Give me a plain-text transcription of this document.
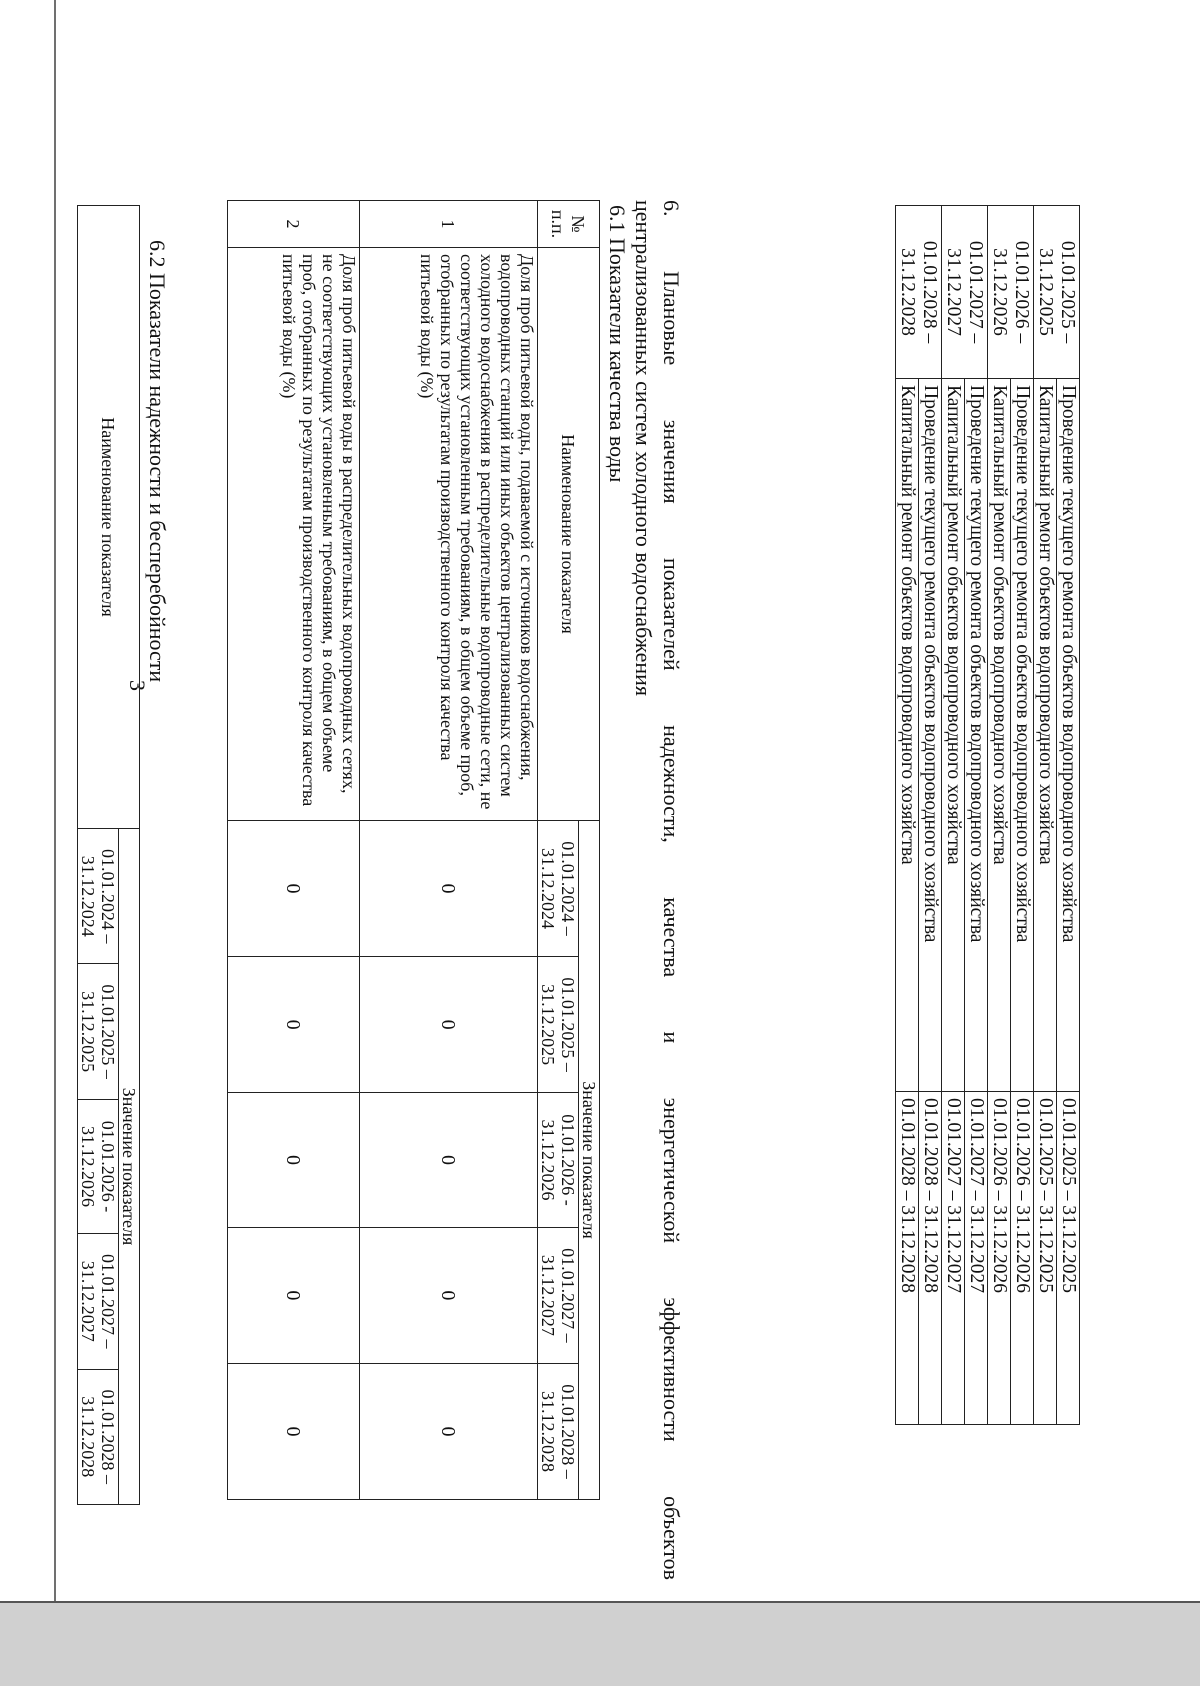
01.01.2025 – 31.12.2025	Проведение текущего ремонта объектов водопроводного хозяйства	01.01.2025 – 31.12.2025
	Капитальный ремонт объектов водопроводного хозяйства	01.01.2025 – 31.12.2025
01.01.2026 – 31.12.2026	Проведение текущего ремонта объектов водопроводного хозяйства	01.01.2026 – 31.12.2026
	Капитальный ремонт объектов водопроводного хозяйства	01.01.2026 – 31.12.2026
01.01.2027 – 31.12.2027	Проведение текущего ремонта объектов водопроводного хозяйства	01.01.2027 – 31.12.2027
	Капитальный ремонт объектов водопроводного хозяйства	01.01.2027 – 31.12.2027
01.01.2028 – 31.12.2028	Проведение текущего ремонта объектов водопроводного хозяйства	01.01.2028 – 31.12.2028
	Капитальный ремонт объектов водопроводного хозяйства	01.01.2028 – 31.12.2028
3
6.
Плановые
значения
показателей
надежности,
качества
и
энергетической
эффективности
объектов
централизованных систем холодного водоснабжения
6.1 Показатели качества воды
№ п.п.	Наименование показателя	Значение показателя				
		01.01.2024 – 31.12.2024	01.01.2025 – 31.12.2025	01.01.2026 - 31.12.2026	01.01.2027 – 31.12.2027	01.01.2028 – 31.12.2028
1	Доля проб питьевой воды, подаваемой с источников водоснабжения, водопроводных станций или иных объектов централизованных систем холодного водоснабжения в распределительные водопроводные сети, не соответствующих установленным требованиям, в общем объеме проб, отобранных по результатам производственного контроля качества питьевой воды (%)	0	0	0	0	0
2	Доля проб питьевой воды в распределительных водопроводных сетях, не соответствующих установленным требованиям, в общем объеме проб, отобранных по результатам производственного контроля качества питьевой воды (%)	0	0	0	0	0
6.2 Показатели надежности и бесперебойности
Наименование показателя	Значение показателя				
	01.01.2024 – 31.12.2024	01.01.2025 – 31.12.2025	01.01.2026 - 31.12.2026	01.01.2027 – 31.12.2027	01.01.2028 – 31.12.2028
